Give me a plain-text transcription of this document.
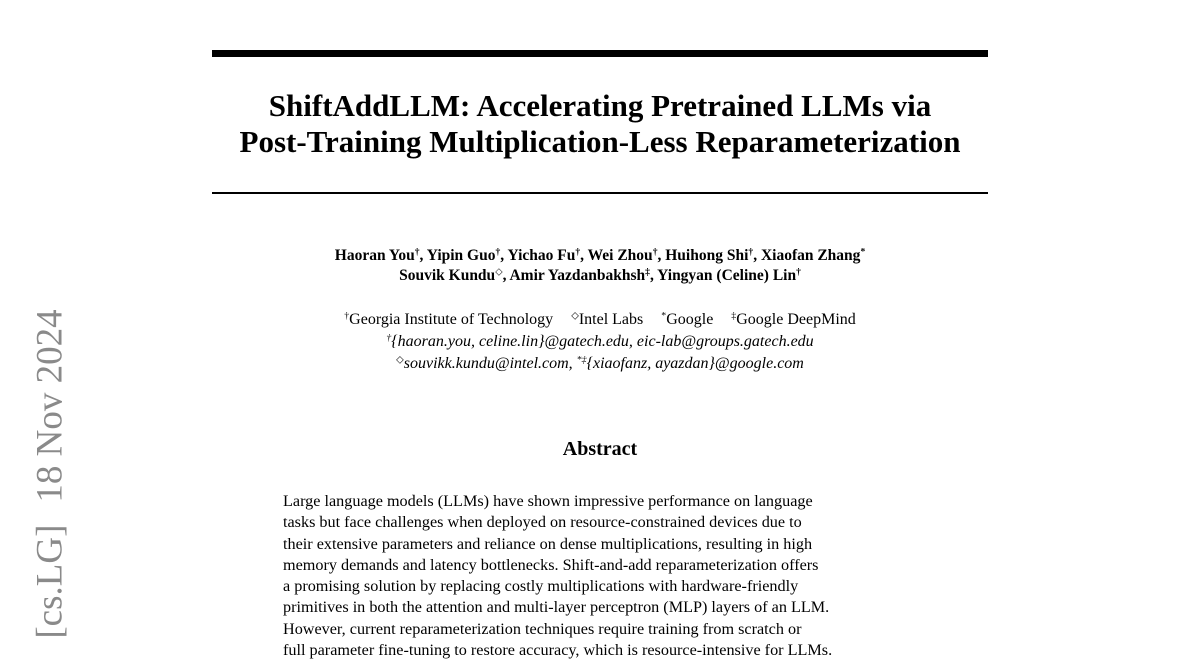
ShiftAddLLM: Accelerating Pretrained LLMs via
Post-Training Multiplication-Less Reparameterization
Haoran You†, Yipin Guo†, Yichao Fu†, Wei Zhou†, Huihong Shi†, Xiaofan Zhang*
Souvik Kundu◇, Amir Yazdanbakhsh‡, Yingyan (Celine) Lin†
†Georgia Institute of Technology ◇Intel Labs *Google ‡Google DeepMind
†{haoran.you, celine.lin}@gatech.edu, eic-lab@groups.gatech.edu
◇souvikk.kundu@intel.com, *‡{xiaofanz, ayazdan}@google.com
Abstract
Large language models (LLMs) have shown impressive performance on language
tasks but face challenges when deployed on resource-constrained devices due to
their extensive parameters and reliance on dense multiplications, resulting in high
memory demands and latency bottlenecks. Shift-and-add reparameterization offers
a promising solution by replacing costly multiplications with hardware-friendly
primitives in both the attention and multi-layer perceptron (MLP) layers of an LLM.
However, current reparameterization techniques require training from scratch or
full parameter fine-tuning to restore accuracy, which is resource-intensive for LLMs.
[cs.LG]18 Nov 2024
